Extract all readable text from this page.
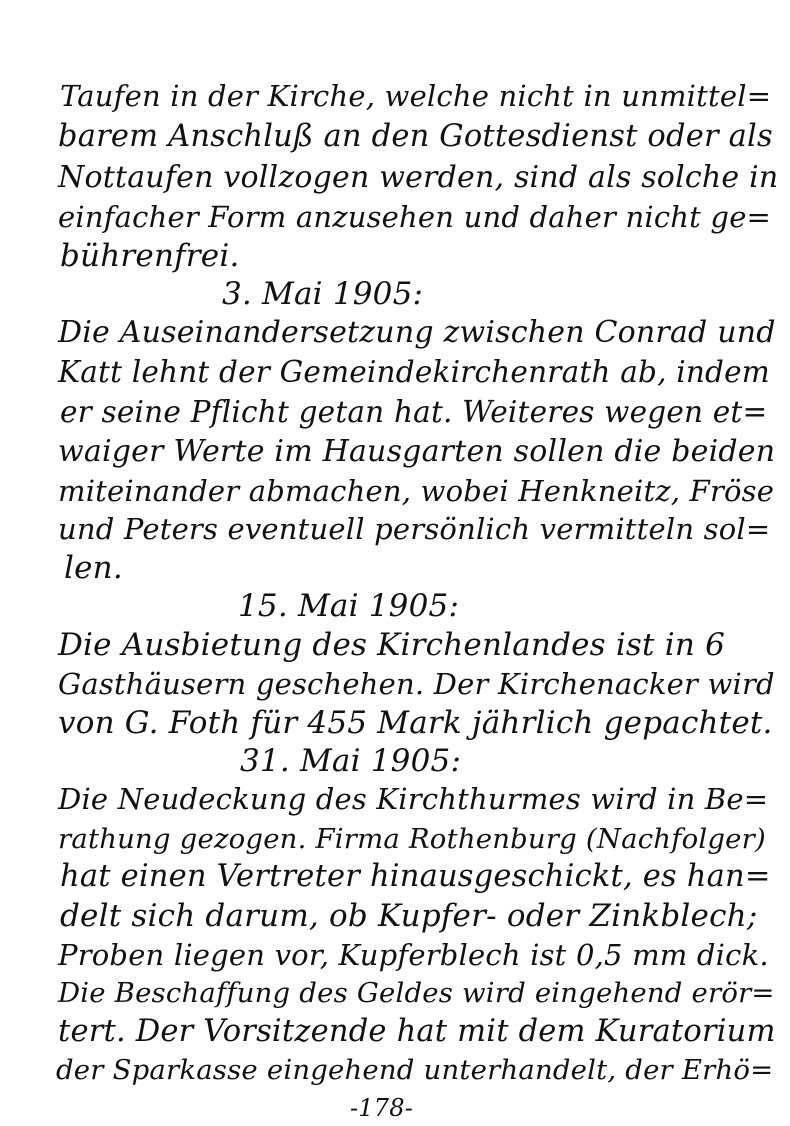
Taufen in der Kirche, welche nicht in unmittel=
barem Anschluß an den Gottesdienst oder als
Nottaufen vollzogen werden, sind als solche in
einfacher Form anzusehen und daher nicht ge=
bührenfrei.
3. Mai 1905:
Die Auseinandersetzung zwischen Conrad und
Katt lehnt der Gemeindekirchenrath ab, indem
er seine Pflicht getan hat. Weiteres wegen et=
waiger Werte im Hausgarten sollen die beiden
miteinander abmachen, wobei Henkneitz, Fröse
und Peters eventuell persönlich vermitteln sol=
len.
15. Mai 1905:
Die Ausbietung des Kirchenlandes ist in 6
Gasthäusern geschehen. Der Kirchenacker wird
von G. Foth für 455 Mark jährlich gepachtet.
31. Mai 1905:
Die Neudeckung des Kirchthurmes wird in Be=
rathung gezogen. Firma Rothenburg (Nachfolger)
hat einen Vertreter hinausgeschickt, es han=
delt sich darum, ob Kupfer- oder Zinkblech;
Proben liegen vor, Kupferblech ist 0,5 mm dick.
Die Beschaffung des Geldes wird eingehend erör=
tert. Der Vorsitzende hat mit dem Kuratorium
der Sparkasse eingehend unterhandelt, der Erhö=
-178-
